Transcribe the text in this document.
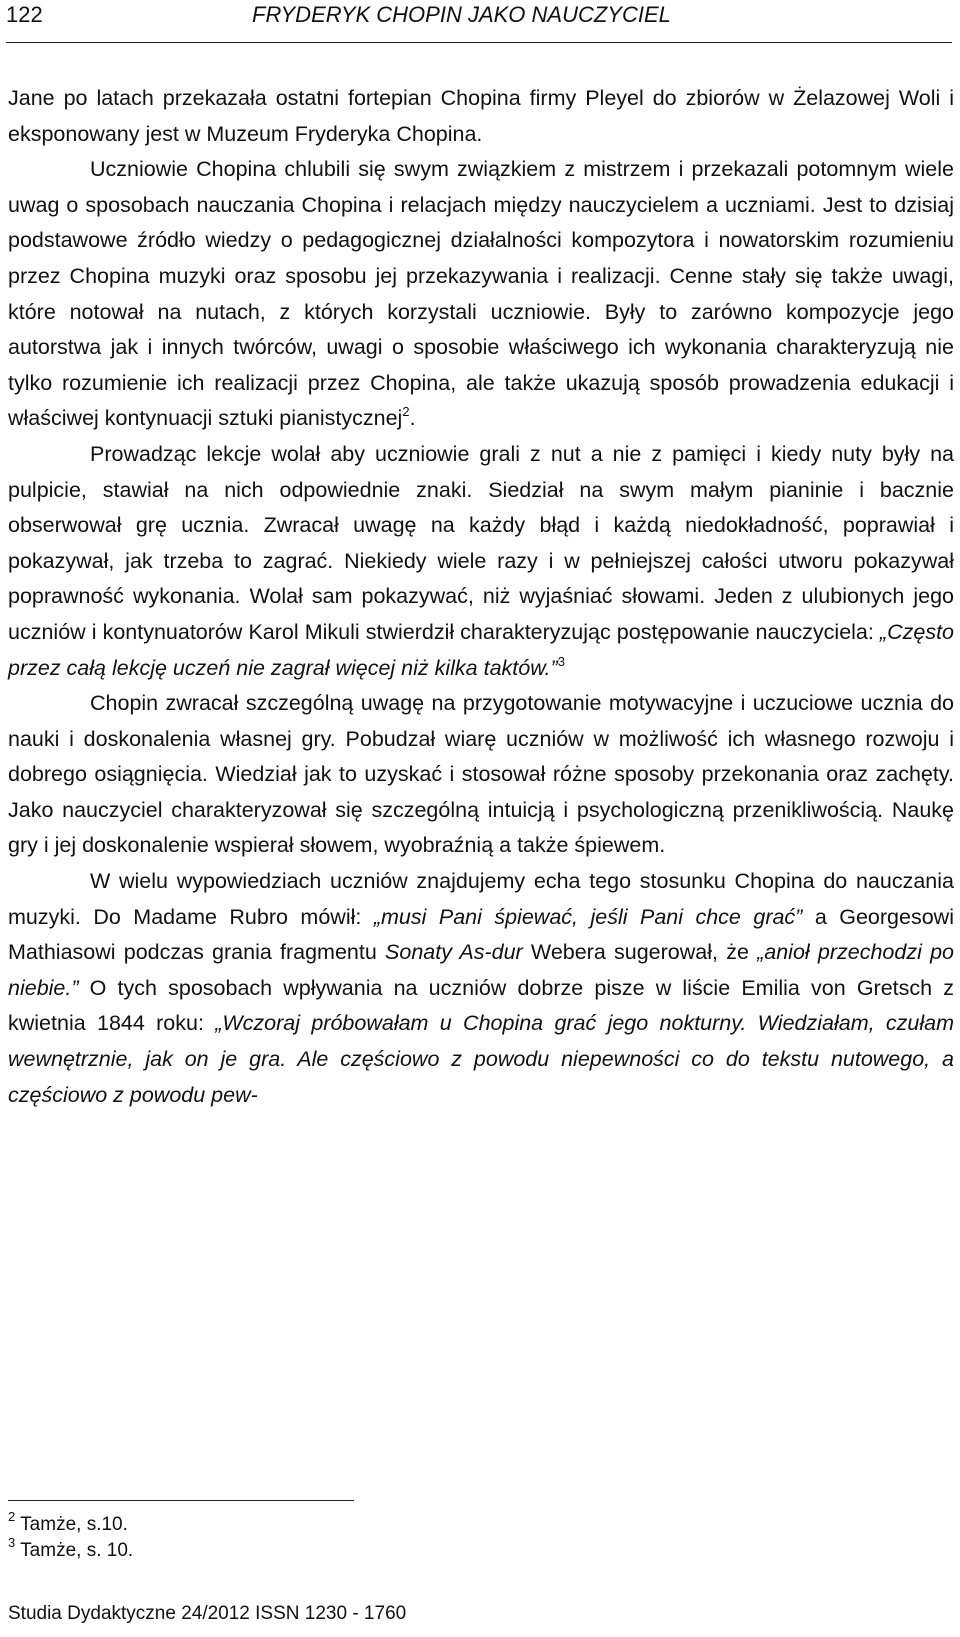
122	FRYDERYK CHOPIN JAKO NAUCZYCIEL

Jane po latach przekazała ostatni fortepian Chopina firmy Pleyel do zbiorów w Żelazowej Woli i eksponowany jest w Muzeum Fryderyka Chopina.

Uczniowie Chopina chlubili się swym związkiem z mistrzem i przekazali potomnym wiele uwag o sposobach nauczania Chopina i relacjach między nauczycielem a uczniami. Jest to dzisiaj podstawowe źródło wiedzy o pedagogicznej działalności kompozytora i nowatorskim rozumieniu przez Chopina muzyki oraz sposobu jej przekazywania i realizacji. Cenne stały się także uwagi, które notował na nutach, z których korzystali uczniowie. Były to zarówno kompozycje jego autorstwa jak i innych twórców, uwagi o sposobie właściwego ich wykonania charakteryzują nie tylko rozumienie ich realizacji przez Chopina, ale także ukazują sposób prowadzenia edukacji i właściwej kontynuacji sztuki pianistycznej$^2$.

Prowadząc lekcje wolał aby uczniowie grali z nut a nie z pamięci i kiedy nuty były na pulpicie, stawiał na nich odpowiednie znaki. Siedział na swym małym pianinie i bacznie obserwował grę ucznia. Zwracał uwagę na każdy błąd i każdą niedokładność, poprawiał i pokazywał, jak trzeba to zagrać. Niekiedy wiele razy i w pełniejszej całości utworu pokazywał poprawność wykonania. Wolał sam pokazywać, niż wyjaśniać słowami. Jeden z ulubionych jego uczniów i kontynuatorów Karol Mikuli stwierdził charakteryzując postępowanie nauczyciela: „Często przez całą lekcję uczeń nie zagrał więcej niż kilka taktów.”$^3$

Chopin zwracał szczególną uwagę na przygotowanie motywacyjne i uczuciowe ucznia do nauki i doskonalenia własnej gry. Pobudzał wiarę uczniów w możliwość ich własnego rozwoju i dobrego osiągnięcia. Wiedział jak to uzyskać i stosował różne sposoby przekonania oraz zachęty. Jako nauczyciel charakteryzował się szczególną intuicją i psychologiczną przenikliwością. Naukę gry i jej doskonalenie wspierał słowem, wyobraźnią a także śpiewem.

W wielu wypowiedziach uczniów znajdujemy echa tego stosunku Chopina do nauczania muzyki. Do Madame Rubro mówił: „musi Pani śpiewać, jeśli Pani chce grać” a Georgesowi Mathiasowi podczas grania fragmentu Sonaty As-dur Webera sugerował, że „anioł przechodzi po niebie.” O tych sposobach wpływania na uczniów dobrze pisze w liście Emilia von Gretsch z kwietnia 1844 roku: „Wczoraj próbowałam u Chopina grać jego nokturny. Wiedziałam, czułam wewnętrznie, jak on je gra. Ale częściowo z powodu niepewności co do tekstu nutowego, a częściowo z powodu pew-

$^2$ Tamże, s.10.
$^3$ Tamże, s. 10.
Studia Dydaktyczne 24/2012 ISSN 1230 - 1760
